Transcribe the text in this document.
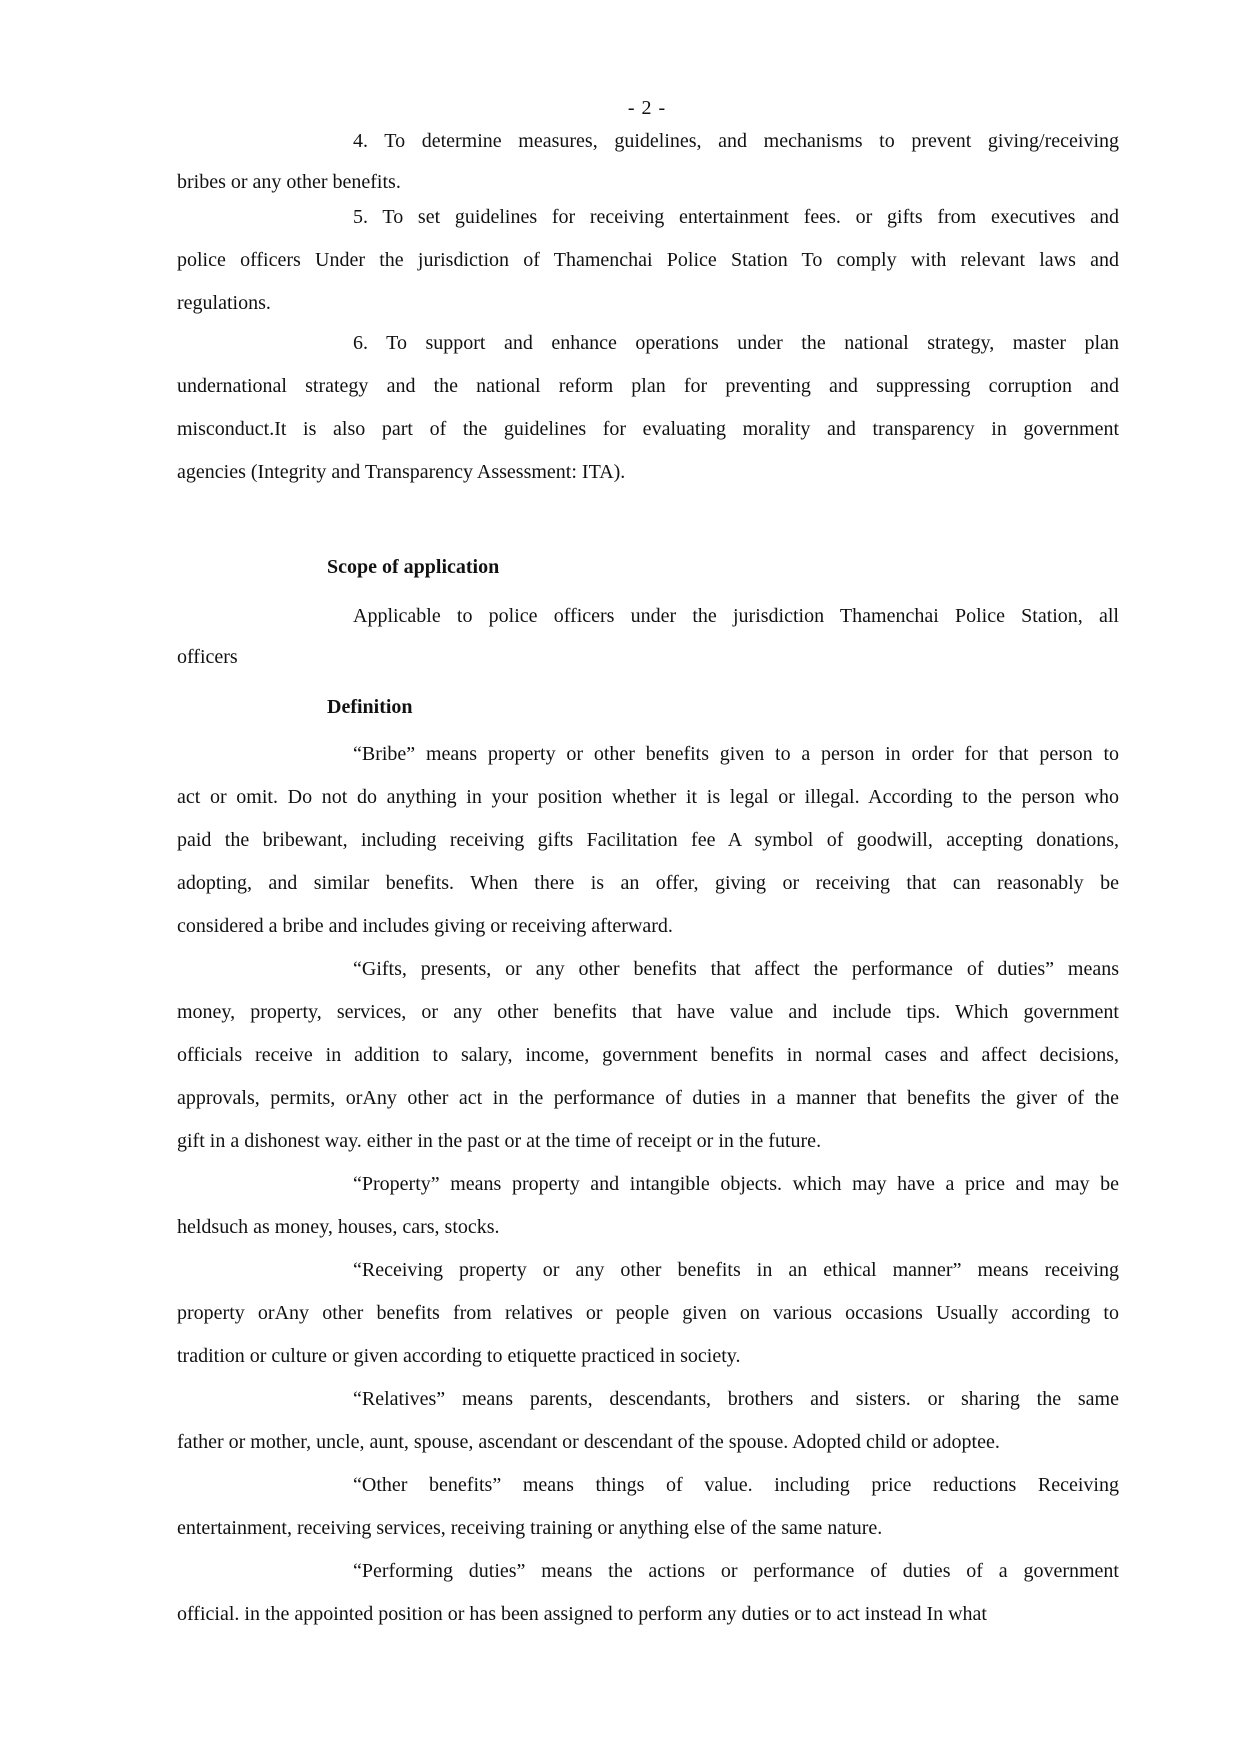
- 2 -
4. To determine measures, guidelines, and mechanisms to prevent giving/receiving
bribes or any other benefits.
5. To set guidelines for receiving entertainment fees. or gifts from executives and
police officers Under the jurisdiction of Thamenchai Police Station To comply with relevant laws and
regulations.
6. To support and enhance operations under the national strategy, master plan
undernational strategy and the national reform plan for preventing and suppressing corruption and
misconduct.It is also part of the guidelines for evaluating morality and transparency in government
agencies (Integrity and Transparency Assessment: ITA).
Scope of application
Applicable to police officers under the jurisdiction Thamenchai Police Station, all
officers
Definition
“Bribe” means property or other benefits given to a person in order for that person to
act or omit. Do not do anything in your position whether it is legal or illegal. According to the person who
paid the bribewant, including receiving gifts Facilitation fee A symbol of goodwill, accepting donations,
adopting, and similar benefits. When there is an offer, giving or receiving that can reasonably be
considered a bribe and includes giving or receiving afterward.
“Gifts, presents, or any other benefits that affect the performance of duties” means
money, property, services, or any other benefits that have value and include tips. Which government
officials receive in addition to salary, income, government benefits in normal cases and affect decisions,
approvals, permits, orAny other act in the performance of duties in a manner that benefits the giver of the
gift in a dishonest way. either in the past or at the time of receipt or in the future.
“Property” means property and intangible objects. which may have a price and may be
heldsuch as money, houses, cars, stocks.
“Receiving property or any other benefits in an ethical manner” means receiving
property orAny other benefits from relatives or people given on various occasions Usually according to
tradition or culture or given according to etiquette practiced in society.
“Relatives” means parents, descendants, brothers and sisters. or sharing the same
father or mother, uncle, aunt, spouse, ascendant or descendant of the spouse. Adopted child or adoptee.
“Other benefits” means things of value. including price reductions Receiving
entertainment, receiving services, receiving training or anything else of the same nature.
“Performing duties” means the actions or performance of duties of a government
official. in the appointed position or has been assigned to perform any duties or to act instead In what
